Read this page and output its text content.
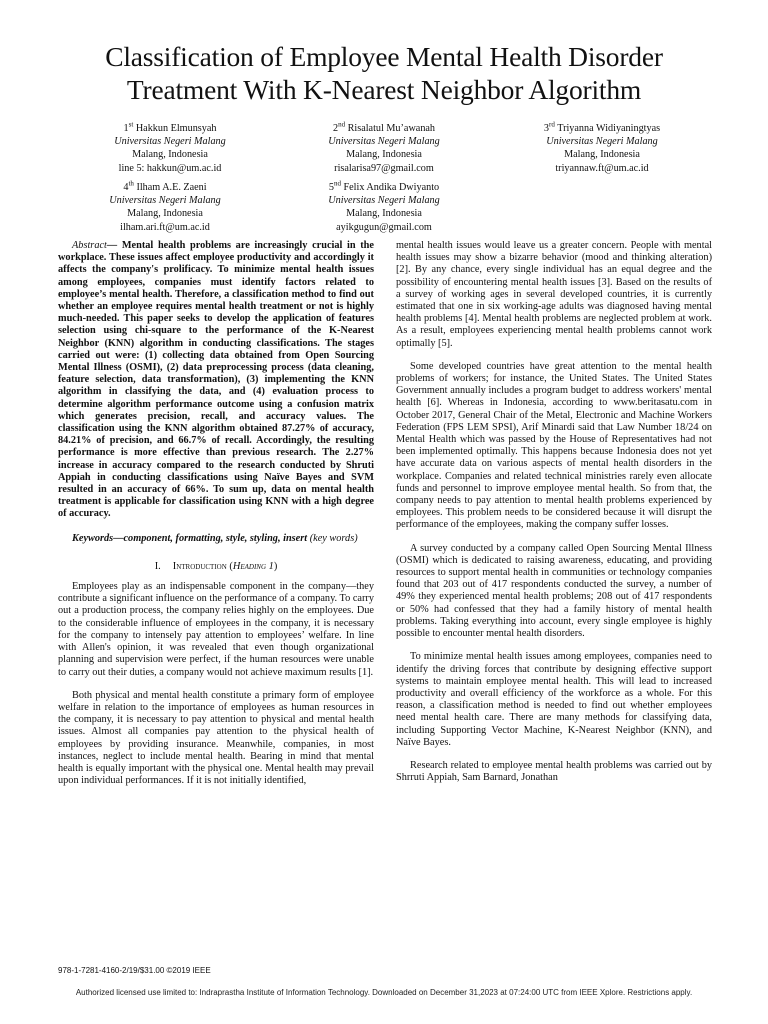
Classification of Employee Mental Health Disorder
Treatment With K-Nearest Neighbor Algorithm
1st Hakkun Elmunsyah
Universitas Negeri Malang
Malang, Indonesia
line 5: hakkun@um.ac.id
2nd Risalatul Mu’awanah
Universitas Negeri Malang
Malang, Indonesia
risalarisa97@gmail.com
3rd Triyanna Widiyaningtyas
Universitas Negeri Malang
Malang, Indonesia
triyannaw.ft@um.ac.id
4th Ilham A.E. Zaeni
Universitas Negeri Malang
Malang, Indonesia
ilham.ari.ft@um.ac.id
5nd Felix Andika Dwiyanto
Universitas Negeri Malang
Malang, Indonesia
ayikgugun@gmail.com

Abstract— Mental health problems are increasingly crucial in the workplace. These issues affect employee productivity and accordingly it affects the company's prolificacy. To minimize mental health issues among employees, companies must identify factors related to employee’s mental health. Therefore, a classification method to find out whether an employee requires mental health treatment or not is highly much-needed. This paper seeks to develop the application of features selection using chi-square to the performance of the K-Nearest Neighbor (KNN) algorithm in conducting classifications. The stages carried out were: (1) collecting data obtained from Open Sourcing Mental Illness (OSMI), (2) data preprocessing process (data cleaning, feature selection, data transformation), (3) implementing the KNN algorithm in classifying the data, and (4) evaluation process to determine algorithm performance outcome using a confusion matrix which generates precision, recall, and accuracy values. The classification using the KNN algorithm obtained 87.27% of accuracy, 84.21% of precision, and 66.7% of recall. Accordingly, the resulting performance is more effective than previous research. The 2.27% increase in accuracy compared to the research conducted by Shruti Appiah in conducting classifications using Naïve Bayes and SVM resulted in an accuracy of 66%. To sum up, data on mental health treatment is applicable for classification using KNN with a high degree of accuracy.

Keywords—component, formatting, style, styling, insert (key words)

I. Introduction (Heading 1)

Employees play as an indispensable component in the company—they contribute a significant influence on the performance of a company. To carry out a production process, the company relies highly on the employees. Due to the considerable influence of employees in the company, it is necessary for the company to intensely pay attention to employees’ welfare. In line with Allen's opinion, it was revealed that even though organizational planning and supervision were perfect, if the human resources were unable to carry out their duties, a company would not achieve maximum results [1].

Both physical and mental health constitute a primary form of employee welfare in relation to the importance of employees as human resources in the company, it is necessary to pay attention to physical and mental health issues. Almost all companies pay attention to the physical health of employees by providing insurance. Meanwhile, companies, in most instances, neglect to include mental health. Bearing in mind that mental health is equally important with the physical one. Mental health may prevail upon individual performances. If it is not initially identified,

mental health issues would leave us a greater concern. People with mental health issues may show a bizarre behavior (mood and thinking alteration) [2]. By any chance, every single individual has an equal degree and the possibility of encountering mental health issues [3]. Based on the results of a survey of working ages in several developed countries, it is currently estimated that one in six working-age adults was diagnosed having mental health problems [4]. Mental health problems are neglected problem at work. As a result, employees experiencing mental health problems cannot work optimally [5].

Some developed countries have great attention to the mental health problems of workers; for instance, the United States. The United States Government annually includes a program budget to address workers' mental health [6]. Whereas in Indonesia, according to www.beritasatu.com in October 2017, General Chair of the Metal, Electronic and Machine Workers Federation (FPS LEM SPSI), Arif Minardi said that Law Number 18/24 on Mental Health which was passed by the House of Representatives had not been implemented optimally. This happens because Indonesia does not yet have accurate data on various aspects of mental health disorders in the workplace. Companies and related technical ministries rarely even allocate funds and personnel to improve employee mental health. So from that, the company needs to pay attention to mental health problems experienced by employees. This problem needs to be considered because it will disrupt the performance of the employees, making the company suffer losses.

A survey conducted by a company called Open Sourcing Mental Illness (OSMI) which is dedicated to raising awareness, educating, and providing resources to support mental health in communities or technology companies found that 203 out of 417 respondents conducted the survey, a number of 49% they experienced mental health problems; 208 out of 417 respondents or 50% had confessed that they had a family history of mental health problems. Taking everything into account, every single employee is highly possible to encounter mental health disorders.

To minimize mental health issues among employees, companies need to identify the driving forces that contribute by designing effective support systems to maintain employee mental health. This will lead to increased productivity and overall efficiency of the workforce as a whole. For this reason, a classification method is needed to find out whether employees need mental health care. There are many methods for classifying data, including Supporting Vector Machine, K-Nearest Neighbor (KNN), and Naïve Bayes.

Research related to employee mental health problems was carried out by Shrruti Appiah, Sam Barnard, Jonathan

978-1-7281-4160-2/19/$31.00 ©2019 IEEE
Authorized licensed use limited to: Indraprastha Institute of Information Technology. Downloaded on December 31,2023 at 07:24:00 UTC from IEEE Xplore. Restrictions apply.
